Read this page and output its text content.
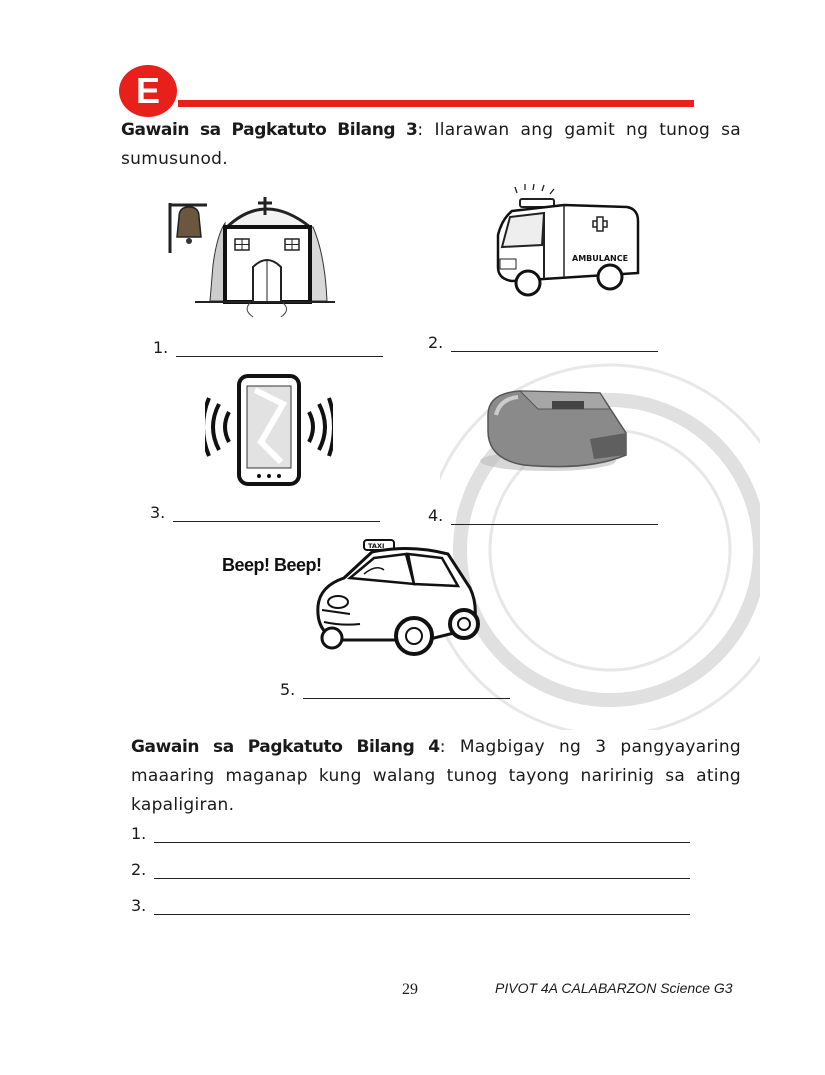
E
Gawain sa Pagkatuto Bilang 3: Ilarawan ang gamit ng tunog sa sumusunod.
AMBULANCE
1.	2.
3.	4.
Beep! Beep!
TAXI
5.
Gawain sa Pagkatuto Bilang 4: Magbigay ng 3 pangyayaring maaaring maganap kung walang tunog tayong naririnig sa ating kapaligiran.
1.
2.
3.
29	PIVOT 4A CALABARZON Science G3
